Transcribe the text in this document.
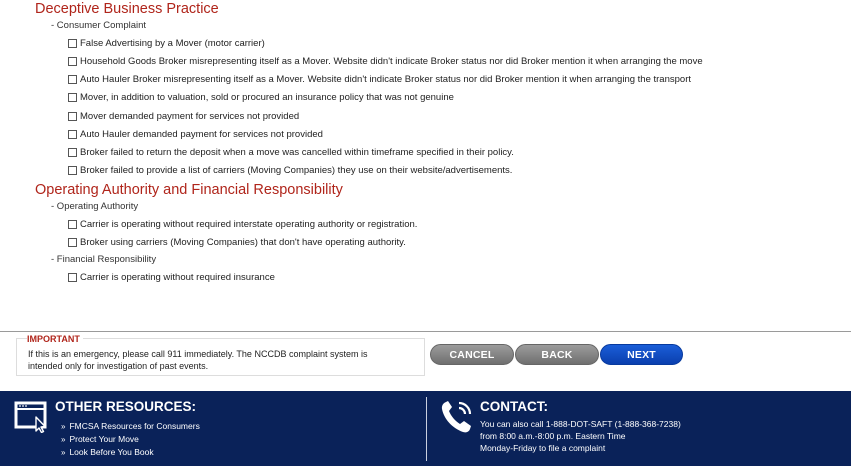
Deceptive Business Practice
- Consumer Complaint
False Advertising by a Mover (motor carrier)
Household Goods Broker misrepresenting itself as a Mover. Website didn't indicate Broker status nor did Broker mention it when arranging the move
Auto Hauler Broker misrepresenting itself as a Mover. Website didn't indicate Broker status nor did Broker mention it when arranging the transport
Mover, in addition to valuation, sold or procured an insurance policy that was not genuine
Mover demanded payment for services not provided
Auto Hauler demanded payment for services not provided
Broker failed to return the deposit when a move was cancelled within timeframe specified in their policy.
Broker failed to provide a list of carriers (Moving Companies) they use on their website/advertisements.
Operating Authority and Financial Responsibility
- Operating Authority
Carrier is operating without required interstate operating authority or registration.
Broker using carriers (Moving Companies) that don't have operating authority.
- Financial Responsibility
Carrier is operating without required insurance
IMPORTANT
If this is an emergency, please call 911 immediately. The NCCDB complaint system is
intended only for investigation of past events.
CANCEL	BACK	NEXT
OTHER RESOURCES:
» FMCSA Resources for Consumers
» Protect Your Move
» Look Before You Book
CONTACT:
You can also call 1-888-DOT-SAFT (1-888-368-7238)
from 8:00 a.m.-8:00 p.m. Eastern Time
Monday-Friday to file a complaint
